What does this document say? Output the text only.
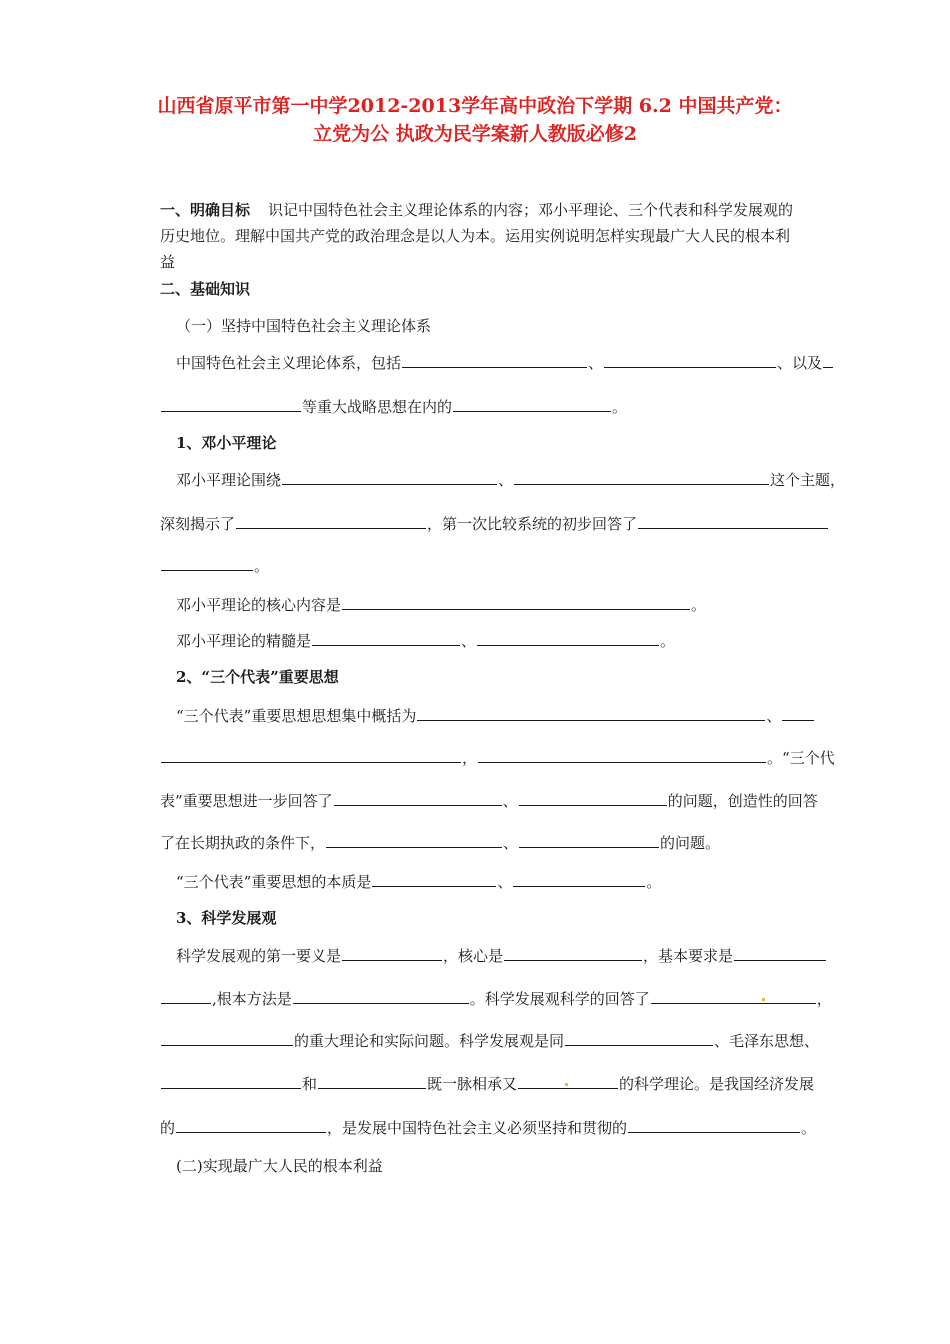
山西省原平市第一中学2012-2013学年高中政治下学期 6.2 中国共产党：
立党为公 执政为民学案新人教版必修2
一、明确目标 识记中国特色社会主义理论体系的内容；邓小平理论、三个代表和科学发展观的
历史地位。理解中国共产党的政治理念是以人为本。运用实例说明怎样实现最广大人民的根本利
益
二、基础知识
（一）坚持中国特色社会主义理论体系
中国特色社会主义理论体系，包括	、	、以及
等重大战略思想在内的	。
1、邓小平理论
邓小平理论围绕	、	这个主题，
深刻揭示了	，第一次比较系统的初步回答了
。
邓小平理论的核心内容是	。
邓小平理论的精髓是	、	。
2、“三个代表”重要思想
“三个代表”重要思想思想集中概括为	、
，	。“三个代
表”重要思想进一步回答了	、	的问题，创造性的回答
了在长期执政的条件下，	、	的问题。
“三个代表”重要思想的本质是	、	。
3、科学发展观
科学发展观的第一要义是	，核心是	，基本要求是
,根本方法是	。科学发展观科学的回答了	，
的重大理论和实际问题。科学发展观是同	、毛泽东思想、
和	既一脉相承又	的科学理论。是我国经济发展
的	，是发展中国特色社会主义必须坚持和贯彻的	。
(二)实现最广大人民的根本利益
